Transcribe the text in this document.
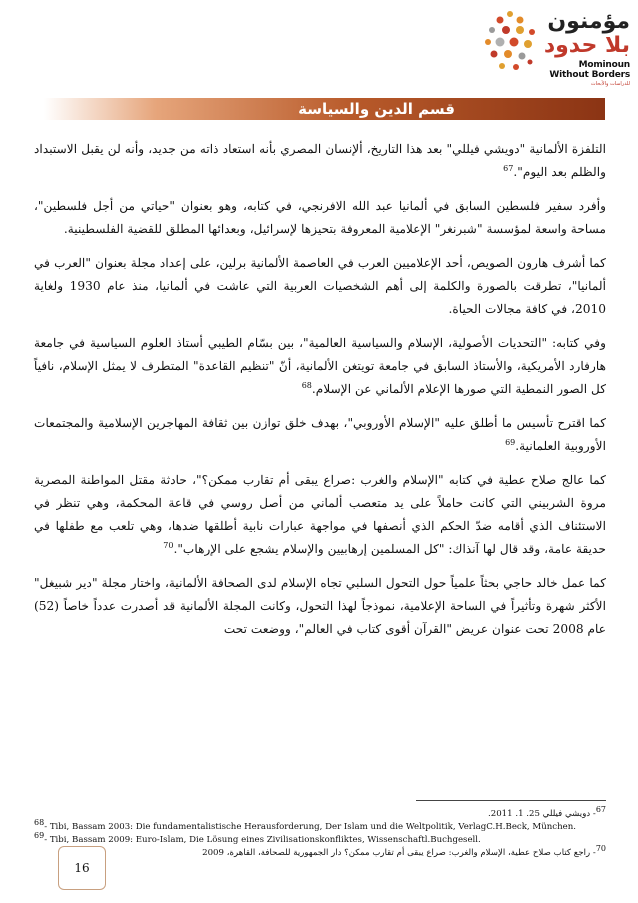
مؤمنون
بلا حدود
Mominoun Without Borders
للدراسات والأبحاث
قسم الدين والسياسة

التلفزة الألمانية "دويشي فيللي" بعد هذا التاريخ، ألإنسان المصري بأنه استعاد ذاته من جديد، وأنه لن يقبل الاستبداد والظلم بعد اليوم".$^{67}$

وأفرد سفير فلسطين السابق في ألمانيا عبد الله الافرنجي، في كتابه، وهو بعنوان "حياتي من أجل فلسطين"، مساحة واسعة لمؤسسة "شبرنغر" الإعلامية المعروفة بتحيزها لإسرائيل، وبعدائها المطلق للقضية الفلسطينية.

كما أشرف هارون الصويص، أحد الإعلاميين العرب في العاصمة الألمانية برلين، على إعداد مجلة بعنوان "العرب في ألمانيا"، تطرقت بالصورة والكلمة إلى أهم الشخصيات العربية التي عاشت في ألمانيا، منذ عام 1930 ولغاية 2010، في كافة مجالات الحياة.

وفي كتابه: "التحديات الأصولية، الإسلام والسياسية العالمية"، بين بسّام الطيبي أستاذ العلوم السياسية في جامعة هارفارد الأمريكية، والأستاذ السابق في جامعة تويتغن الألمانية، أنّ "تنظيم القاعدة" المتطرف لا يمثل الإسلام، نافياً كل الصور النمطية التي صورها الإعلام الألماني عن الإسلام.$^{68}$

كما اقترح تأسيس ما أطلق عليه "الإسلام الأوروبي"، بهدف خلق توازن بين ثقافة المهاجرين الإسلامية والمجتمعات الأوروبية العلمانية.$^{69}$

كما عالج صلاح عطية في كتابه "الإسلام والغرب :صراع يبقى أم تقارب ممكن؟"، حادثة مقتل المواطنة المصرية مروة الشربيني التي كانت حاملاً على يد متعصب ألماني من أصل روسي في قاعة المحكمة، وهي تنظر في الاستئناف الذي أقامه ضدّ الحكم الذي أنصفها في مواجهة عبارات نابية أطلقها ضدها، وهي تلعب مع طفلها في حديقة عامة، وقد قال لها آنذاك: "كل المسلمين إرهابيين والإسلام يشجع على الإرهاب".$^{70}$

كما عمل خالد حاجي بحثاً علمياً حول التحول السلبي تجاه الإسلام لدى الصحافة الألمانية، واختار مجلة "دير شبيغل" الأكثر شهرة وتأثيراً في الساحة الإعلامية، نموذجاً لهذا التحول، وكانت المجلة الألمانية قد أصدرت عدداً خاصاً (52) عام 2008 تحت عنوان عريض "القرآن أقوى كتاب في العالم"، ووضعت تحت

$^{67}$- دويشي فيللي 25. 1. 2011.
$^{68}$- Tibi, Bassam 2003: Die fundamentalistische Herausforderung, Der Islam und die Weltpolitik, VerlagC.H.Beck, München.
$^{69}$- Tibi, Bassam 2009: Euro-Islam, Die Lösung eines Zivilisationskonfliktes, Wissenschaftl.Buchgesell.
$^{70}$- راجع كتاب صلاح عطية، الإسلام والغرب: صراع يبقى أم تقارب ممكن؟ دار الجمهورية للصحافة، القاهرة، 2009
16
